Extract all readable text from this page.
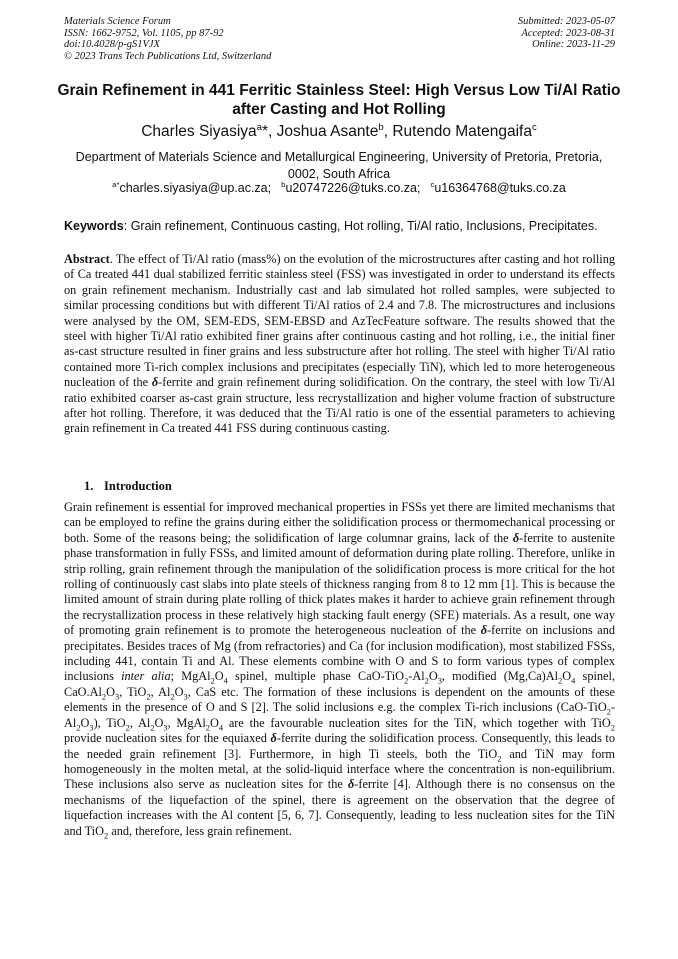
Materials Science Forum
ISSN: 1662-9752, Vol. 1105, pp 87-92
doi:10.4028/p-gS1VJX
© 2023 Trans Tech Publications Ltd, Switzerland
Submitted: 2023-05-07
Accepted: 2023-08-31
Online: 2023-11-29
Grain Refinement in 441 Ferritic Stainless Steel: High Versus Low Ti/Al Ratio after Casting and Hot Rolling
Charles Siyasiya$^a$*, Joshua Asante$^b$, Rutendo Matengaifa$^c$
Department of Materials Science and Metallurgical Engineering, University of Pretoria, Pretoria, 0002, South Africa
$^{a*}$charles.siyasiya@up.ac.za; $^b$u20747226@tuks.co.za; $^c$u16364768@tuks.co.za
Keywords: Grain refinement, Continuous casting, Hot rolling, Ti/Al ratio, Inclusions, Precipitates.
Abstract. The effect of Ti/Al ratio (mass%) on the evolution of the microstructures after casting and hot rolling of Ca treated 441 dual stabilized ferritic stainless steel (FSS) was investigated in order to understand its effects on grain refinement mechanism. Industrially cast and lab simulated hot rolled samples, were subjected to similar processing conditions but with different Ti/Al ratios of 2.4 and 7.8. The microstructures and inclusions were analysed by the OM, SEM-EDS, SEM-EBSD and AzTecFeature software. The results showed that the steel with higher Ti/Al ratio exhibited finer grains after continuous casting and hot rolling, i.e., the initial finer as-cast structure resulted in finer grains and less substructure after hot rolling. The steel with higher Ti/Al ratio contained more Ti-rich complex inclusions and precipitates (especially TiN), which led to more heterogeneous nucleation of the δ-ferrite and grain refinement during solidification. On the contrary, the steel with low Ti/Al ratio exhibited coarser as-cast grain structure, less recrystallization and higher volume fraction of substructure after hot rolling. Therefore, it was deduced that the Ti/Al ratio is one of the essential parameters to achieving grain refinement in Ca treated 441 FSS during continuous casting.
1. Introduction
Grain refinement is essential for improved mechanical properties in FSSs yet there are limited mechanisms that can be employed to refine the grains during either the solidification process or thermomechanical processing or both. Some of the reasons being; the solidification of large columnar grains, lack of the δ-ferrite to austenite phase transformation in fully FSSs, and limited amount of deformation during plate rolling. Therefore, unlike in strip rolling, grain refinement through the manipulation of the solidification process is more critical for the hot rolling of continuously cast slabs into plate steels of thickness ranging from 8 to 12 mm [1]. This is because the limited amount of strain during plate rolling of thick plates makes it harder to achieve grain refinement through the recrystallization process in these relatively high stacking fault energy (SFE) materials. As a result, one way of promoting grain refinement is to promote the heterogeneous nucleation of the δ-ferrite on inclusions and precipitates. Besides traces of Mg (from refractories) and Ca (for inclusion modification), most stabilized FSSs, including 441, contain Ti and Al. These elements combine with O and S to form various types of complex inclusions inter alia; $MgAl_2O_4$ spinel, multiple phase CaO-$TiO_2-Al_2O_3$, modified $(Mg,Ca)Al_2O_4$ spinel, $CaO.Al_2O_3$, TiO$_2$, $Al_2O_3$, CaS etc. The formation of these inclusions is dependent on the amounts of these elements in the presence of O and S [2]. The solid inclusions e.g. the complex Ti-rich inclusions $(CaO-TiO_2-Al_2O_3)$, TiO$_2$, $Al_2O_3$, $MgAl_2O_4$ are the favourable nucleation sites for the TiN, which together with TiO$_2$ provide nucleation sites for the equiaxed δ-ferrite during the solidification process. Consequently, this leads to the needed grain refinement [3]. Furthermore, in high Ti steels, both the TiO$_2$ and TiN may form homogeneously in the molten metal, at the solid-liquid interface where the concentration is non-equilibrium. These inclusions also serve as nucleation sites for the δ-ferrite [4]. Although there is no consensus on the mechanisms of the liquefaction of the spinel, there is agreement on the observation that the degree of liquefaction increases with the Al content [5, 6, 7]. Consequently, leading to less nucleation sites for the TiN and TiO$_2$ and, therefore, less grain refinement.
